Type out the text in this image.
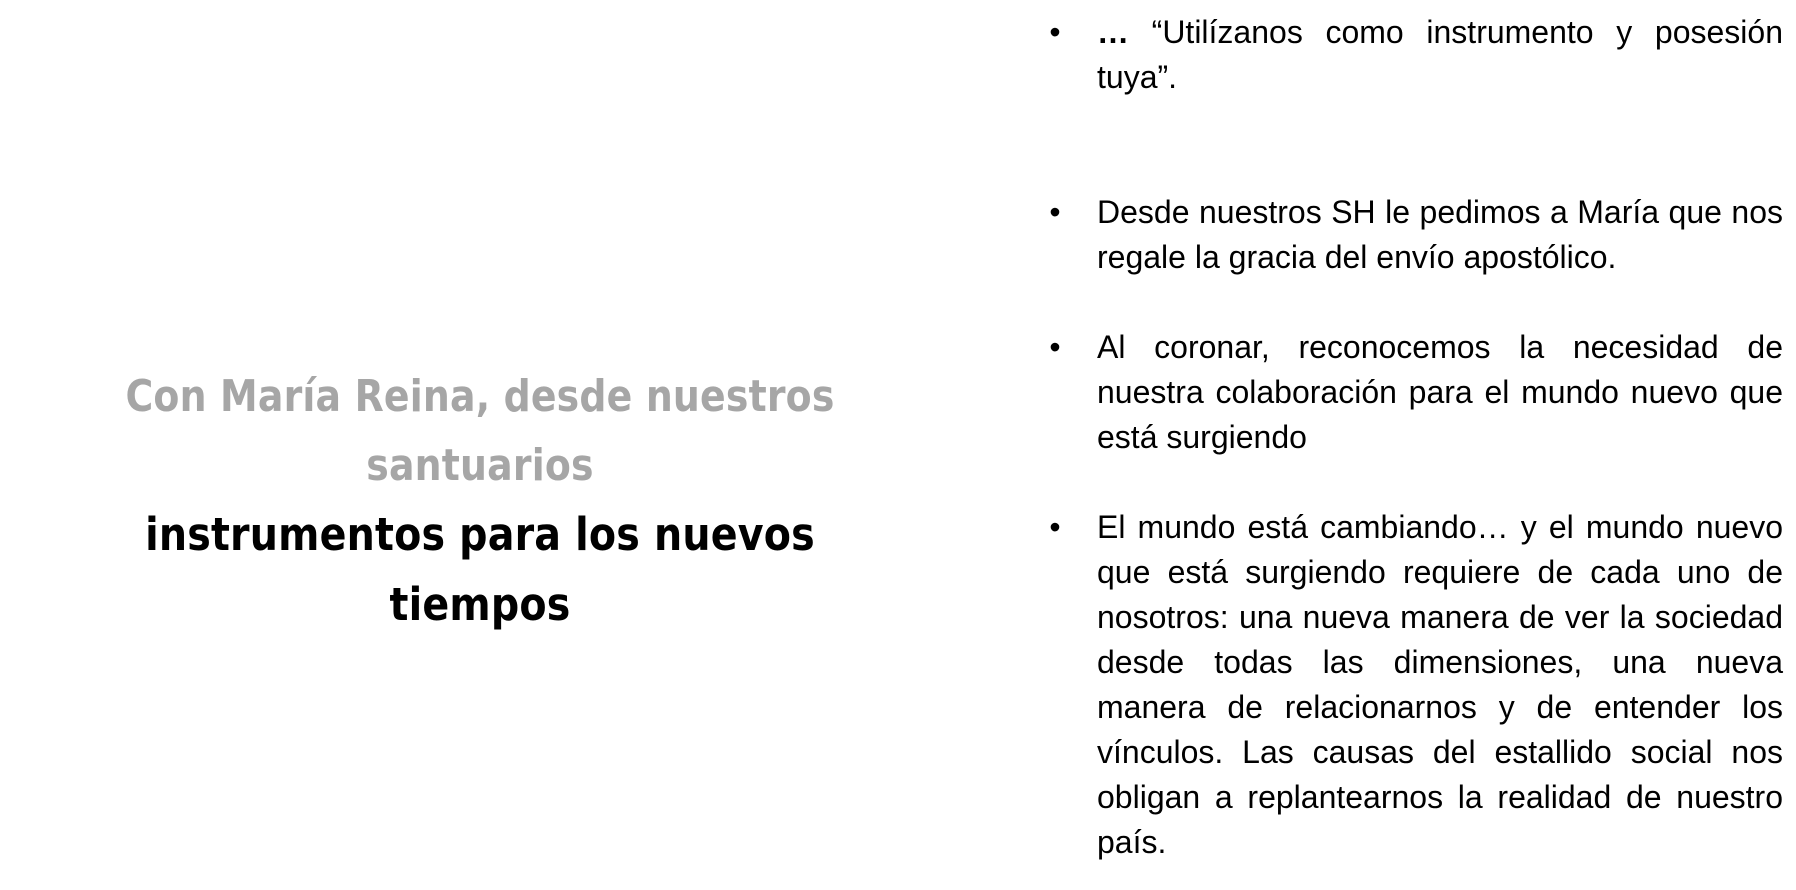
Con María Reina, desde nuestros
santuarios
instrumentos para los nuevos tiempos
• … “Utilízanos como instrumento y posesión tuya”.
• Desde nuestros SH le pedimos a María que nos regale la gracia del envío apostólico.
• Al coronar, reconocemos la necesidad de nuestra colaboración para el mundo nuevo que está surgiendo
• El mundo está cambiando… y el mundo nuevo que está surgiendo requiere de cada uno de nosotros: una nueva manera de ver la sociedad desde todas las dimensiones, una nueva manera de relacionarnos y de entender los vínculos. Las causas del estallido social nos obligan a replantearnos la realidad de nuestro país.
